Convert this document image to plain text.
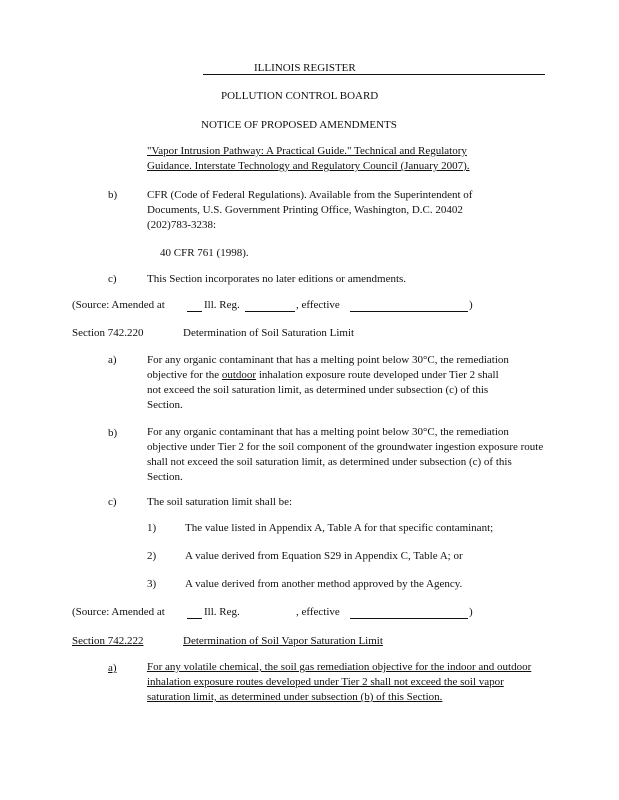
ILLINOIS REGISTER
POLLUTION CONTROL BOARD
NOTICE OF PROPOSED AMENDMENTS
"Vapor Intrusion Pathway: A Practical Guide." Technical and Regulatory
Guidance. Interstate Technology and Regulatory Council (January 2007).
b)	CFR (Code of Federal Regulations). Available from the Superintendent of
Documents, U.S. Government Printing Office, Washington, D.C. 20402
(202)783-3238:
40 CFR 761 (1998).
c)	This Section incorporates no later editions or amendments.
(Source: Amended at	Ill. Reg.	, effective	)
Section 742.220	Determination of Soil Saturation Limit
a)	For any organic contaminant that has a melting point below 30°C, the remediation
objective for the outdoor inhalation exposure route developed under Tier 2 shall
not exceed the soil saturation limit, as determined under subsection (c) of this
Section.
b)	For any organic contaminant that has a melting point below 30°C, the remediation objective under Tier 2 for the soil component of the groundwater ingestion exposure route shall not exceed the soil saturation limit, as determined under subsection (c) of this Section.
c)	The soil saturation limit shall be:
1)	The value listed in Appendix A, Table A for that specific contaminant;
2)	A value derived from Equation S29 in Appendix C, Table A; or
3)	A value derived from another method approved by the Agency.
(Source: Amended at	Ill. Reg.	, effective	)
Section 742.222	Determination of Soil Vapor Saturation Limit
a)	For any volatile chemical, the soil gas remediation objective for the indoor and outdoor inhalation exposure routes developed under Tier 2 shall not exceed the soil vapor saturation limit, as determined under subsection (b) of this Section.
